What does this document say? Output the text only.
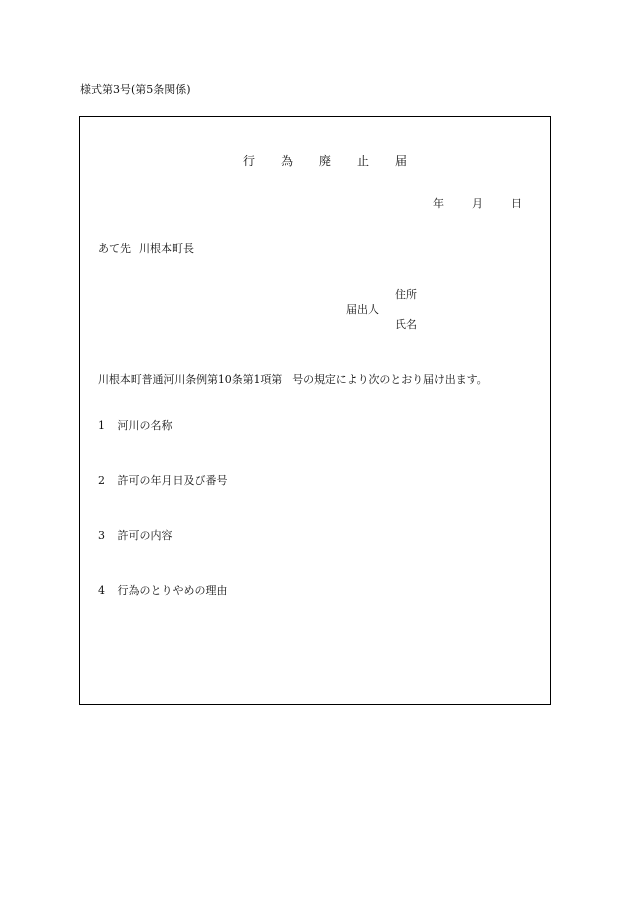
様式第3号(第5条関係)
行 為 廃 止 届
年	月	日
あて先 川根本町長
住所
届出人
氏名
川根本町普通河川条例第10条第1項第 号の規定により次のとおり届け出ます。
1 河川の名称
2 許可の年月日及び番号
3 許可の内容
4 行為のとりやめの理由
